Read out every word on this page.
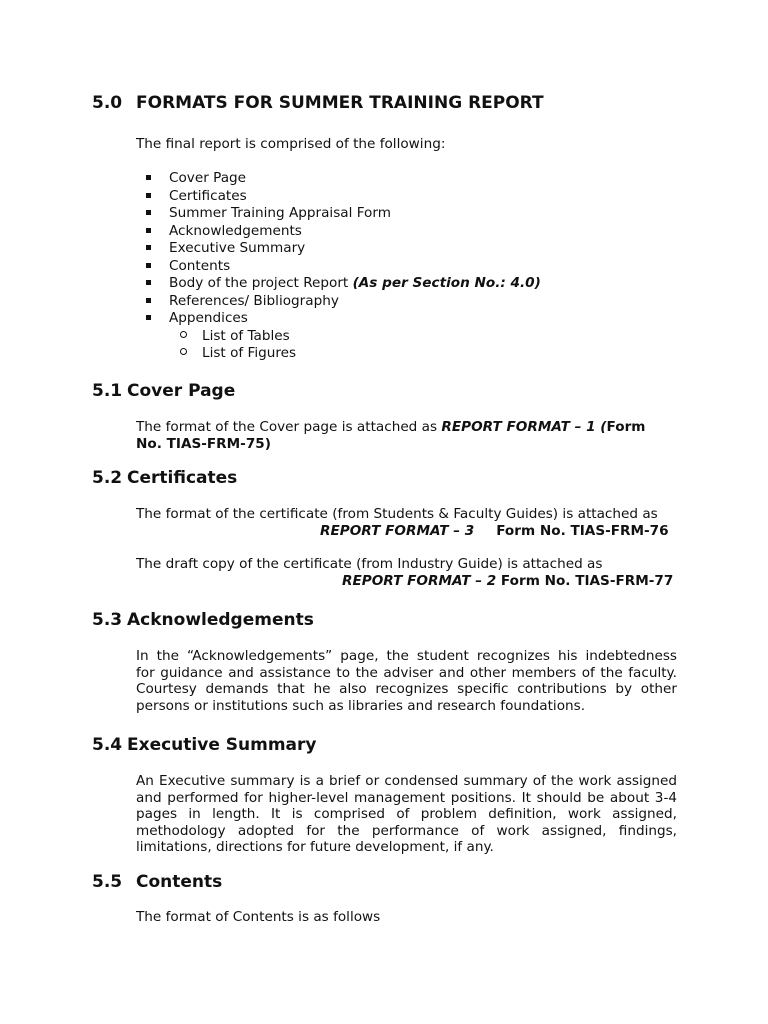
5.0 FORMATS FOR SUMMER TRAINING REPORT
The final report is comprised of the following:
Cover Page
Certificates
Summer Training Appraisal Form
Acknowledgements
Executive Summary
Contents
Body of the project Report (As per Section No.: 4.0)
References/ Bibliography
Appendices
List of Tables
List of Figures
5.1 Cover Page
The format of the Cover page is attached as REPORT FORMAT – 1 (Form
No. TIAS-FRM-75)
5.2 Certificates
The format of the certificate (from Students & Faculty Guides) is attached as
REPORT FORMAT – 3 Form No. TIAS-FRM-76
The draft copy of the certificate (from Industry Guide) is attached as
REPORT FORMAT – 2 Form No. TIAS-FRM-77
5.3 Acknowledgements
In the “Acknowledgements” page, the student recognizes his indebtedness
for guidance and assistance to the adviser and other members of the faculty.
Courtesy demands that he also recognizes specific contributions by other
persons or institutions such as libraries and research foundations.
5.4 Executive Summary
An Executive summary is a brief or condensed summary of the work assigned
and performed for higher-level management positions. It should be about 3-4
pages in length. It is comprised of problem definition, work assigned,
methodology adopted for the performance of work assigned, findings,
limitations, directions for future development, if any.
5.5 Contents
The format of Contents is as follows
